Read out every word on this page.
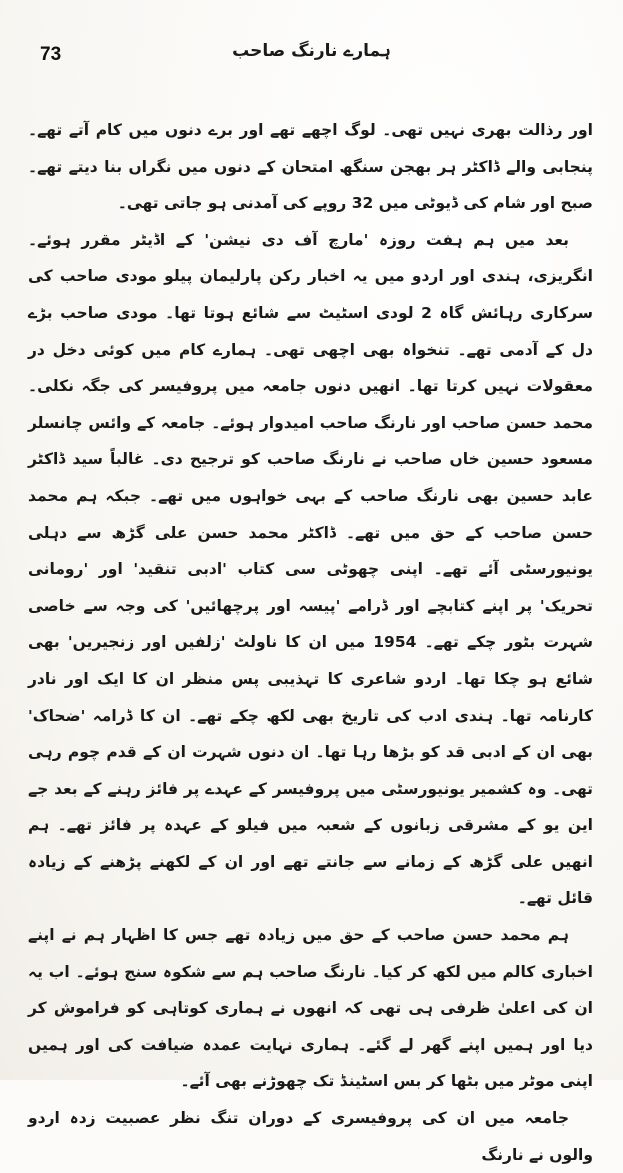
73	ہمارے نارنگ صاحب

اور رذالت بھری نہیں تھی۔ لوگ اچھے تھے اور برے دنوں میں کام آتے تھے۔ پنجابی والے ڈاکٹر ہر بھجن سنگھ امتحان کے دنوں میں نگراں بنا دیتے تھے۔ صبح اور شام کی ڈیوٹی میں 32 روپے کی آمدنی ہو جاتی تھی۔

بعد میں ہم ہفت روزہ 'مارچ آف دی نیشن' کے اڈیٹر مقرر ہوئے۔ انگریزی، ہندی اور اردو میں یہ اخبار رکن پارلیمان پیلو مودی صاحب کی سرکاری رہائش گاہ 2 لودی اسٹیٹ سے شائع ہوتا تھا۔ مودی صاحب بڑے دل کے آدمی تھے۔ تنخواہ بھی اچھی تھی۔ ہمارے کام میں کوئی دخل در معقولات نہیں کرتا تھا۔ انھیں دنوں جامعہ میں پروفیسر کی جگہ نکلی۔ محمد حسن صاحب اور نارنگ صاحب امیدوار ہوئے۔ جامعہ کے وائس چانسلر مسعود حسین خاں صاحب نے نارنگ صاحب کو ترجیح دی۔ غالباً سید ڈاکٹر عابد حسین بھی نارنگ صاحب کے بہی خواہوں میں تھے۔ جبکہ ہم محمد حسن صاحب کے حق میں تھے۔ ڈاکٹر محمد حسن علی گڑھ سے دہلی یونیورسٹی آئے تھے۔ اپنی چھوٹی سی کتاب 'ادبی تنقید' اور 'رومانی تحریک' پر اپنے کتابچے اور ڈرامے 'پیسہ اور پرچھائیں' کی وجہ سے خاصی شہرت بٹور چکے تھے۔ 1954 میں ان کا ناولٹ 'زلفیں اور زنجیریں' بھی شائع ہو چکا تھا۔ اردو شاعری کا تہذیبی پس منظر ان کا ایک اور نادر کارنامہ تھا۔ ہندی ادب کی تاریخ بھی لکھ چکے تھے۔ ان کا ڈرامہ 'ضحاک' بھی ان کے ادبی قد کو بڑھا رہا تھا۔ ان دنوں شہرت ان کے قدم چوم رہی تھی۔ وہ کشمیر یونیورسٹی میں پروفیسر کے عہدے پر فائز رہنے کے بعد جے این یو کے مشرقی زبانوں کے شعبہ میں فیلو کے عہدہ پر فائز تھے۔ ہم انھیں علی گڑھ کے زمانے سے جانتے تھے اور ان کے لکھنے پڑھنے کے زیادہ قائل تھے۔

ہم محمد حسن صاحب کے حق میں زیادہ تھے جس کا اظہار ہم نے اپنے اخباری کالم میں لکھ کر کیا۔ نارنگ صاحب ہم سے شکوہ سنج ہوئے۔ اب یہ ان کی اعلیٰ ظرفی ہی تھی کہ انھوں نے ہماری کوتاہی کو فراموش کر دیا اور ہمیں اپنے گھر لے گئے۔ ہماری نہایت عمدہ ضیافت کی اور ہمیں اپنی موٹر میں بٹھا کر بس اسٹینڈ تک چھوڑنے بھی آئے۔

جامعہ میں ان کی پروفیسری کے دوران تنگ نظر عصبیت زدہ اردو والوں نے نارنگ
